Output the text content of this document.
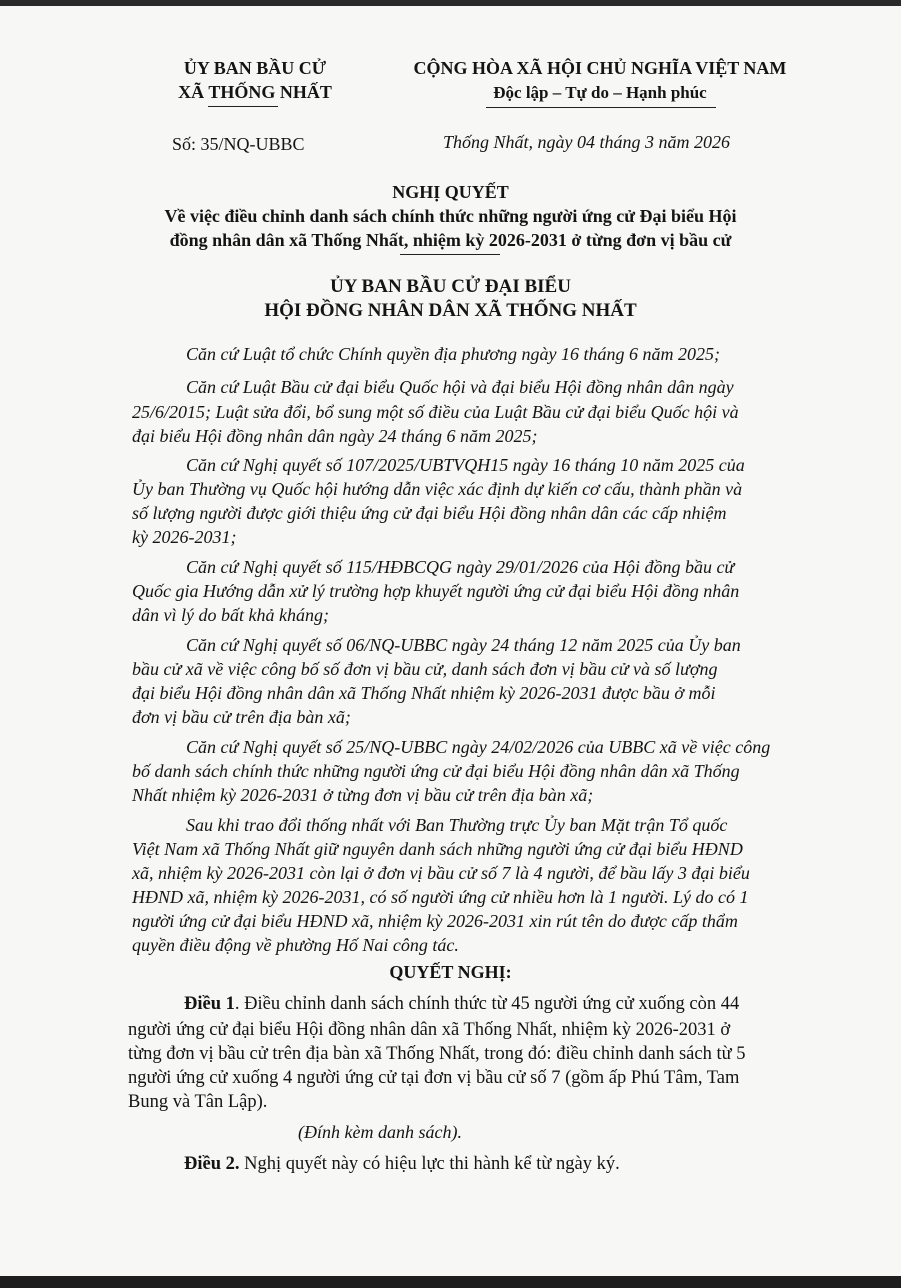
ỦY BAN BẦU CỬ
XÃ THỐNG NHẤT
CỘNG HÒA XÃ HỘI CHỦ NGHĨA VIỆT NAM
Độc lập – Tự do – Hạnh phúc
Số: 35/NQ-UBBC	Thống Nhất, ngày 04 tháng 3 năm 2026
NGHỊ QUYẾT
Về việc điều chỉnh danh sách chính thức những người ứng cử Đại biểu Hội
đồng nhân dân xã Thống Nhất, nhiệm kỳ 2026-2031 ở từng đơn vị bầu cử
ỦY BAN BẦU CỬ ĐẠI BIỂU
HỘI ĐỒNG NHÂN DÂN XÃ THỐNG NHẤT
Căn cứ Luật tổ chức Chính quyền địa phương ngày 16 tháng 6 năm 2025;
Căn cứ Luật Bầu cử đại biểu Quốc hội và đại biểu Hội đồng nhân dân ngày
25/6/2015; Luật sửa đổi, bổ sung một số điều của Luật Bầu cử đại biểu Quốc hội và
đại biểu Hội đồng nhân dân ngày 24 tháng 6 năm 2025;
Căn cứ Nghị quyết số 107/2025/UBTVQH15 ngày 16 tháng 10 năm 2025 của
Ủy ban Thường vụ Quốc hội hướng dẫn việc xác định dự kiến cơ cấu, thành phần và
số lượng người được giới thiệu ứng cử đại biểu Hội đồng nhân dân các cấp nhiệm
kỳ 2026-2031;
Căn cứ Nghị quyết số 115/HĐBCQG ngày 29/01/2026 của Hội đồng bầu cử
Quốc gia Hướng dẫn xử lý trường hợp khuyết người ứng cử đại biểu Hội đồng nhân
dân vì lý do bất khả kháng;
Căn cứ Nghị quyết số 06/NQ-UBBC ngày 24 tháng 12 năm 2025 của Ủy ban
bầu cử xã về việc công bố số đơn vị bầu cử, danh sách đơn vị bầu cử và số lượng
đại biểu Hội đồng nhân dân xã Thống Nhất nhiệm kỳ 2026-2031 được bầu ở mỗi
đơn vị bầu cử trên địa bàn xã;
Căn cứ Nghị quyết số 25/NQ-UBBC ngày 24/02/2026 của UBBC xã về việc công
bố danh sách chính thức những người ứng cử đại biểu Hội đồng nhân dân xã Thống
Nhất nhiệm kỳ 2026-2031 ở từng đơn vị bầu cử trên địa bàn xã;
Sau khi trao đổi thống nhất với Ban Thường trực Ủy ban Mặt trận Tổ quốc
Việt Nam xã Thống Nhất giữ nguyên danh sách những người ứng cử đại biểu HĐND
xã, nhiệm kỳ 2026-2031 còn lại ở đơn vị bầu cử số 7 là 4 người, để bầu lấy 3 đại biểu
HĐND xã, nhiệm kỳ 2026-2031, có số người ứng cử nhiều hơn là 1 người. Lý do có 1
người ứng cử đại biểu HĐND xã, nhiệm kỳ 2026-2031 xin rút tên do được cấp thẩm
quyền điều động về phường Hố Nai công tác.
QUYẾT NGHỊ:
Điều 1. Điều chỉnh danh sách chính thức từ 45 người ứng cử xuống còn 44
người ứng cử đại biểu Hội đồng nhân dân xã Thống Nhất, nhiệm kỳ 2026-2031 ở
từng đơn vị bầu cử trên địa bàn xã Thống Nhất, trong đó: điều chỉnh danh sách từ 5
người ứng cử xuống 4 người ứng cử tại đơn vị bầu cử số 7 (gồm ấp Phú Tâm, Tam
Bung và Tân Lập).
(Đính kèm danh sách).
Điều 2. Nghị quyết này có hiệu lực thi hành kể từ ngày ký.
